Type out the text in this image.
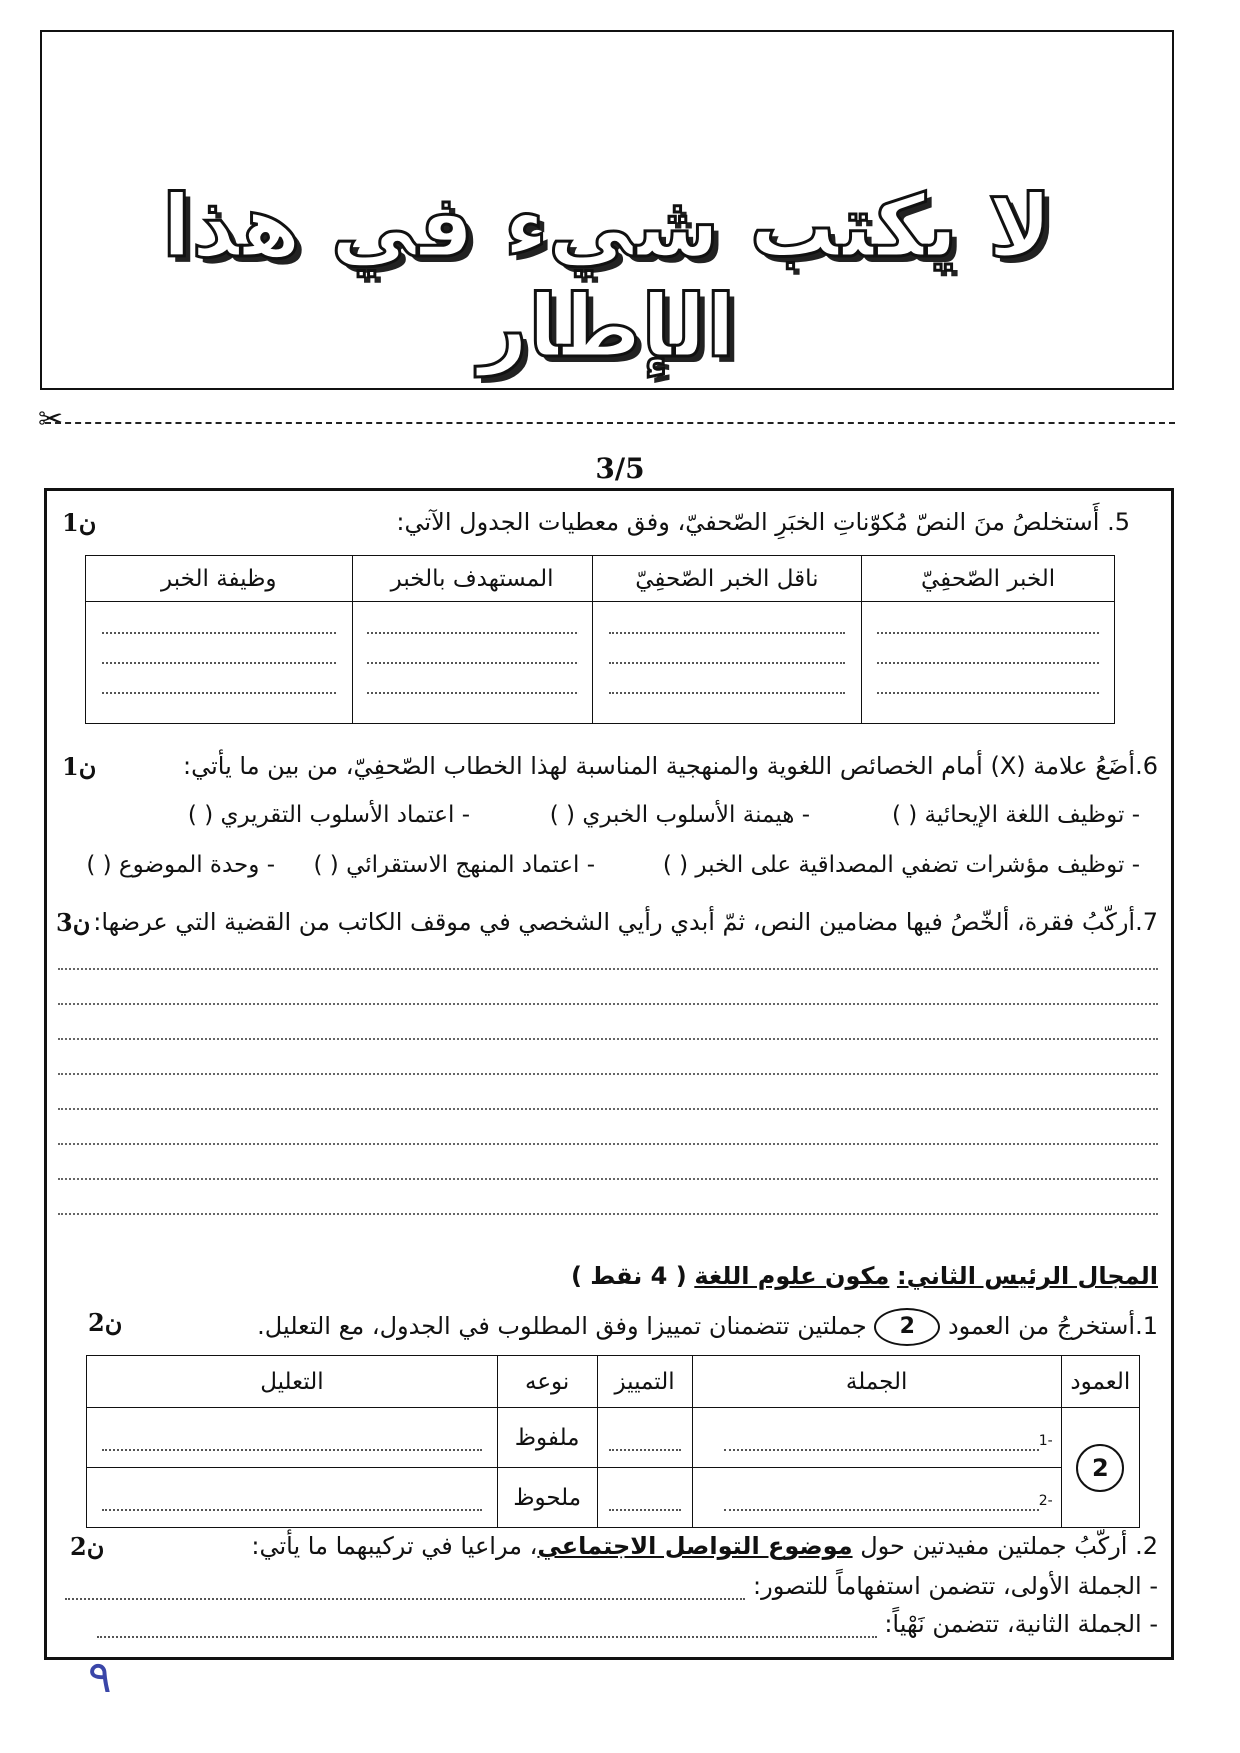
لا يكتب شيء في هذا الإطار
✂
3/5
5. أَستخلصُ منَ النصّ مُكوّناتِ الخبَرِ الصّحفيّ، وفق معطيات الجدول الآتي:
1ن
الخبر الصّحفِيّ	ناقل الخبر الصّحفِيّ	المستهدف بالخبر	وظيفة الخبر

6.أضَعُ علامة (X) أمام الخصائص اللغوية والمنهجية المناسبة لهذا الخطاب الصّحفِيّ، من بين ما يأتي:
1ن
- توظيف اللغة الإيحائية ( )
- هيمنة الأسلوب الخبري ( )
- اعتماد الأسلوب التقريري ( )
- توظيف مؤشرات تضفي المصداقية على الخبر ( )
- اعتماد المنهج الاستقرائي ( )
- وحدة الموضوع ( )
7.أركّبُ فقرة، ألخّصُ فيها مضامين النص، ثمّ أبدي رأيي الشخصي في موقف الكاتب من القضية التي عرضها:
3ن
المجال الرئيس الثاني: مكون علوم اللغة ( 4 نقط )
1.أستخرجُ من العمود 2 جملتين تتضمنان تمييزا وفق المطلوب في الجدول، مع التعليل.
2ن
العمود	الجملة	التمييز	نوعه	التعليل
2	-1		ملفوظ	
	-2		ملحوظ	
2. أركّبُ جملتين مفيدتين حول موضوع التواصل الاجتماعي، مراعيا في تركيبهما ما يأتي:
2ن
- الجملة الأولى، تتضمن استفهاماً للتصور:
- الجملة الثانية، تتضمن نَهْياً:
٩
